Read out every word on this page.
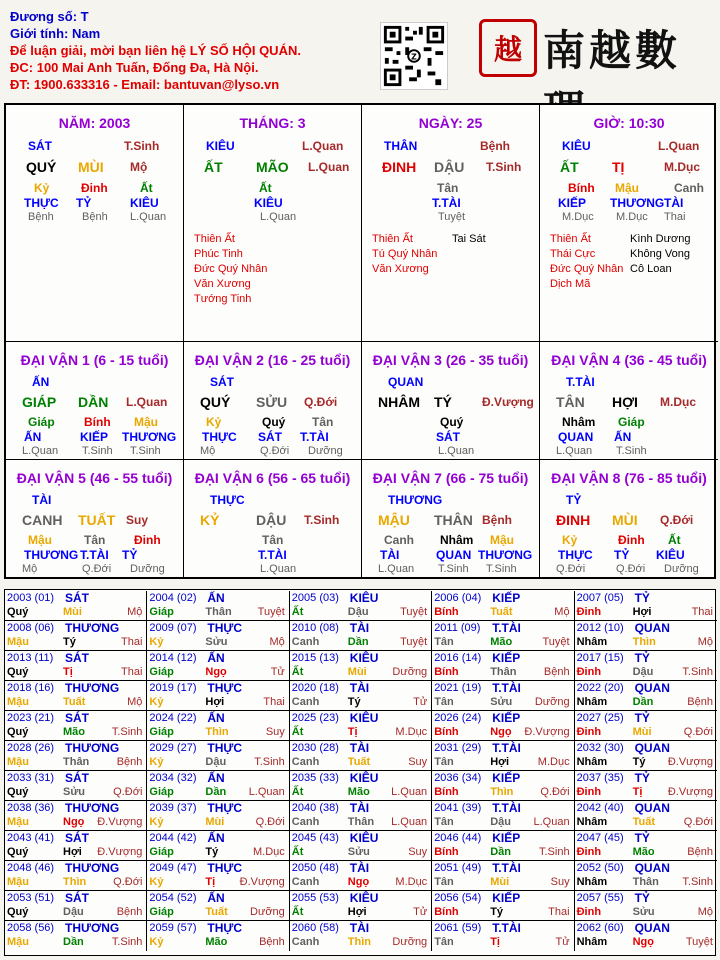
Đương số: T
Giới tính: Nam
Để luận giải, mời bạn liên hệ LÝ SỐ HỘI QUÁN.
ĐC: 100 Mai Anh Tuấn, Đống Đa, Hà Nội.
ĐT: 1900.633316 - Email: bantuvan@lyso.vn
Z	越 南越數
NĂM: 2003
SÁT	T.Sinh
QUÝ MÙI Mộ
Kỷ	Đinh	Ất
THỰC TỶ	KIÊU
Bệnh	Bệnh L.Quan
THÁNG: 3
KIÊU	L.Quan
ẤT MÃO L.Quan
Ất
KIÊU
L.Quan
Thiên Ất
Phúc Tinh
Đức Quý Nhân
Văn Xương
Tướng Tinh
NGÀY: 25
THÂN	Bệnh
ĐINH DẬU T.Sinh
Tân
T.TÀI
Tuyệt
Thiên Ất
Tú Quý Nhân
Văn Xương
Tai Sát
GIỜ: 10:30
KIÊU	L.Quan
ẤT TỊ	M.Dục
Bính Mậu	Canh
KIẾP THƯƠNG TÀI
M.Dục M.Dục Thai
Thiên Ất
Thái Cực
Đức Quý Nhân
Dịch Mã
Kình Dương
Không Vong
Cô Loan
ĐẠI VẬN 1 (6 - 15 tuổi)
ẤN
GIÁP DẦN L.Quan
Giáp Bính Mậu
ẤN	KIẾP THƯƠNG
L.Quan T.Sinh T.Sinh
ĐẠI VẬN 2 (16 - 25 tuổi)
SÁT
QUÝ SỬU Q.Đới
Kỷ	Quý Tân
THỰC SÁT T.TÀI
Mộ	Q.Đới Dưỡng
ĐẠI VẬN 3 (26 - 35 tuổi)
QUAN
NHÂM TÝ	Đ.Vượng
Quý
SÁT
L.Quan
ĐẠI VẬN 4 (36 - 45 tuổi)
T.TÀI
TÂN HỢI M.Dục
Nhâm Giáp
QUAN ẤN
L.Quan T.Sinh
ĐẠI VẬN 5 (46 - 55 tuổi)
TÀI
CANH TUẤT Suy
Mậu	Tân Đinh
THƯƠNG T.TÀI TỶ
Mộ	Q.Đới Dưỡng
ĐẠI VẬN 6 (56 - 65 tuổi)
THỰC
KỶ	DẬU T.Sinh
Tân
T.TÀI
L.Quan
ĐẠI VẬN 7 (66 - 75 tuổi)
THƯƠNG
MẬU THÂN Bệnh
Canh Nhâm Mậu
TÀI	QUAN THƯƠNG
L.Quan T.Sinh T.Sinh
ĐẠI VẬN 8 (76 - 85 tuổi)
TỶ
ĐINH MÙI Q.Đới
Kỷ	Đinh Ất
THỰC TỶ KIÊU
Q.Đới	Q.Đới Dưỡng
2003 (01) SÁT
Quý	Mùi	Mộ
2004 (02) ẤN
Giáp	Thân Tuyệt
2005 (03) KIÊU
Ất	Dậu	Tuyệt
2006 (04) KIẾP
Bính	Tuất	Mộ
2007 (05) TỶ
Đinh	Hợi	Thai
2008 (06) THƯƠNG
Mậu	Tý	Thai
2009 (07) THỰC
Kỷ	Sửu	Mộ
2010 (08) TÀI
Canh	Dần	Tuyệt
2011 (09) T.TÀI
Tân	Mão	Tuyệt
2012 (10) QUAN
Nhâm Thìn	Mộ
2013 (11) SÁT
Quý	Tị	Thai
2014 (12) ẤN
Giáp	Ngọ	Tử
2015 (13) KIÊU
Ất	Mùi Dưỡng
2016 (14) KIẾP
Bính	Thân Bệnh
2017 (15) TỶ
Đinh	Dậu	T.Sinh
2018 (16) THƯƠNG
Mậu	Tuất	Mộ
2019 (17) THỰC
Kỷ	Hợi	Thai
2020 (18) TÀI
Canh	Tý	Tử
2021 (19) T.TÀI
Tân	Sửu Dưỡng
2022 (20) QUAN
Nhâm Dần	Bệnh
2023 (21) SÁT
Quý	Mão T.Sinh
2024 (22) ẤN
Giáp	Thìn	Suy
2025 (23) KIÊU
Ất	Tị	M.Dục
2026 (24) KIẾP
Bính	Ngọ Đ.Vượng
2027 (25) TỶ
Đinh	Mùi	Q.Đới
2028 (26) THƯƠNG
Mậu	Thân Bệnh
2029 (27) THỰC
Kỷ	Dậu	T.Sinh
2030 (28) TÀI
Canh	Tuất	Suy
2031 (29) T.TÀI
Tân	Hợi	M.Dục
2032 (30) QUAN
Nhâm Tý Đ.Vượng
2033 (31) SÁT
Quý	Sửu	Q.Đới
2034 (32) ẤN
Giáp	Dần L.Quan
2035 (33) KIÊU
Ất	Mão L.Quan
2036 (34) KIẾP
Bính	Thìn Q.Đới
2037 (35) TỶ
Đinh	Tị Đ.Vượng
2038 (36) THƯƠNG
Mậu	Ngọ Đ.Vượng
2039 (37) THỰC
Kỷ	Mùi	Q.Đới
2040 (38) TÀI
Canh	Thân L.Quan
2041 (39) T.TÀI
Tân	Dậu L.Quan
2042 (40) QUAN
Nhâm Tuất	Q.Đới
2043 (41) SÁT
Quý	Hợi Đ.Vượng
2044 (42) ẤN
Giáp	Tý	M.Dục
2045 (43) KIÊU
Ất	Sửu	Suy
2046 (44) KIẾP
Bính	Dần	T.Sinh
2047 (45) TỶ
Đinh	Mão	Bệnh
2048 (46) THƯƠNG
Mậu	Thìn Q.Đới
2049 (47) THỰC
Kỷ	Tị Đ.Vượng
2050 (48) TÀI
Canh	Ngọ M.Dục
2051 (49) T.TÀI
Tân	Mùi	Suy
2052 (50) QUAN
Nhâm Thân T.Sinh
2053 (51) SÁT
Quý	Dậu	Bệnh
2054 (52) ẤN
Giáp	Tuất Dưỡng
2055 (53) KIÊU
Ất	Hợi	Tử
2056 (54) KIẾP
Bính	Tý	Thai
2057 (55) TỶ
Đinh	Sửu	Mộ
2058 (56) THƯƠNG
Mậu	Dần	T.Sinh
2059 (57) THỰC
Kỷ	Mão	Bệnh
2060 (58) TÀI
Canh	Thìn Dưỡng
2061 (59) T.TÀI
Tân	Tị	Tử
2062 (60) QUAN
Nhâm Ngọ	Tuyệt
